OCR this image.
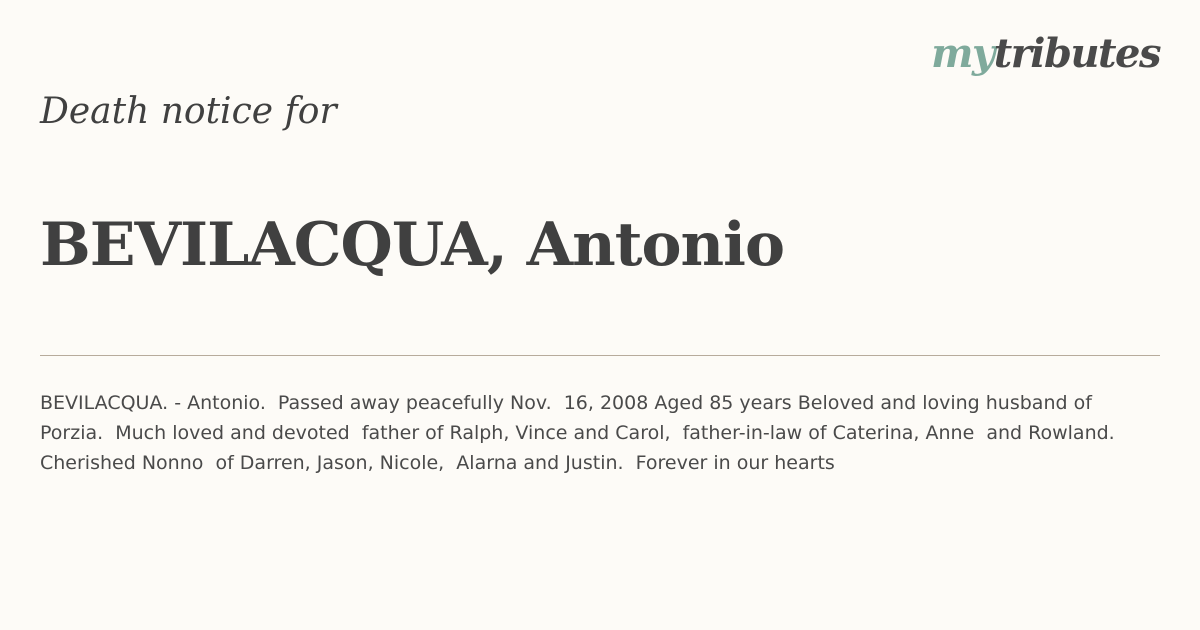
mytributes
Death notice for
BEVILACQUA, Antonio

BEVILACQUA. - Antonio.  Passed away peacefully Nov.  16, 2008 Aged 85 years Beloved and loving husband of Porzia.  Much loved and devoted  father of Ralph, Vince and Carol,  father-in-law of Caterina, Anne  and Rowland.  Cherished Nonno  of Darren, Jason, Nicole,  Alarna and Justin.  Forever in our hearts
